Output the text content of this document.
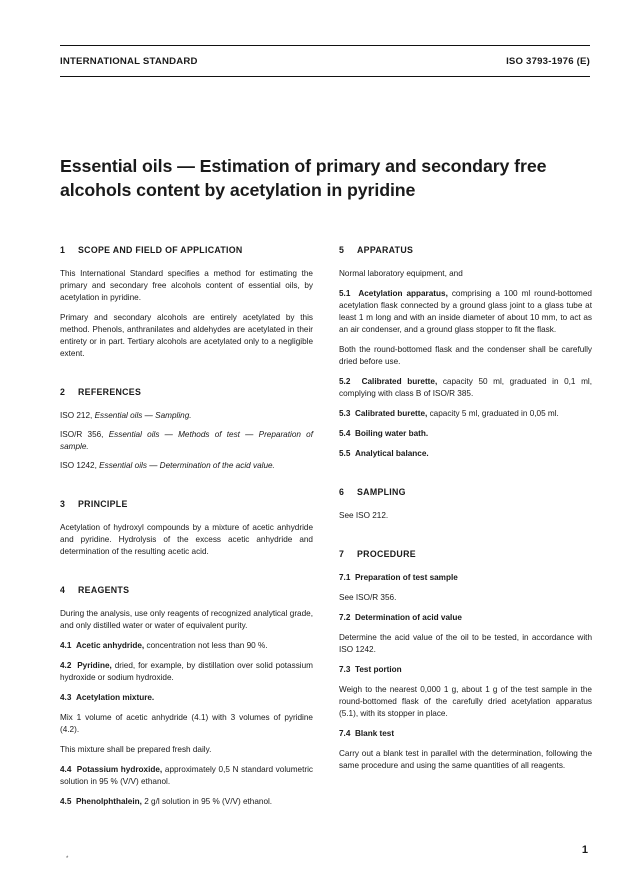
INTERNATIONAL STANDARD	ISO 3793-1976 (E)
Essential oils — Estimation of primary and secondary free alcohols content by acetylation in pyridine
1 SCOPE AND FIELD OF APPLICATION

This International Standard specifies a method for estimating the primary and secondary free alcohols content of essential oils, by acetylation in pyridine.

Primary and secondary alcohols are entirely acetylated by this method. Phenols, anthranilates and aldehydes are acetylated in their entirety or in part. Tertiary alcohols are acetylated only to a negligible extent.

2 REFERENCES

ISO 212, Essential oils — Sampling.

ISO/R 356, Essential oils — Methods of test — Preparation of sample.

ISO 1242, Essential oils — Determination of the acid value.

3 PRINCIPLE

Acetylation of hydroxyl compounds by a mixture of acetic anhydride and pyridine. Hydrolysis of the excess acetic anhydride and determination of the resulting acetic acid.

4 REAGENTS

During the analysis, use only reagents of recognized analytical grade, and only distilled water or water of equivalent purity.

4.1 Acetic anhydride, concentration not less than 90 %.

4.2 Pyridine, dried, for example, by distillation over solid potassium hydroxide or sodium hydroxide.

4.3 Acetylation mixture.

Mix 1 volume of acetic anhydride (4.1) with 3 volumes of pyridine (4.2).

This mixture shall be prepared fresh daily.

4.4 Potassium hydroxide, approximately 0,5 N standard volumetric solution in 95 % (V/V) ethanol.

4.5 Phenolphthalein, 2 g/l solution in 95 % (V/V) ethanol.

5 APPARATUS

Normal laboratory equipment, and

5.1 Acetylation apparatus, comprising a 100 ml round-bottomed acetylation flask connected by a ground glass joint to a glass tube at least 1 m long and with an inside diameter of about 10 mm, to act as an air condenser, and a ground glass stopper to fit the flask.

Both the round-bottomed flask and the condenser shall be carefully dried before use.

5.2 Calibrated burette, capacity 50 ml, graduated in 0,1 ml, complying with class B of ISO/R 385.

5.3 Calibrated burette, capacity 5 ml, graduated in 0,05 ml.

5.4 Boiling water bath.

5.5 Analytical balance.

6 SAMPLING

See ISO 212.

7 PROCEDURE

7.1 Preparation of test sample

See ISO/R 356.

7.2 Determination of acid value

Determine the acid value of the oil to be tested, in accordance with ISO 1242.

7.3 Test portion

Weigh to the nearest 0,000 1 g, about 1 g of the test sample in the round-bottomed flask of the carefully dried acetylation apparatus (5.1), with its stopper in place.

7.4 Blank test

Carry out a blank test in parallel with the determination, following the same procedure and using the same quantities of all reagents.

1
*
